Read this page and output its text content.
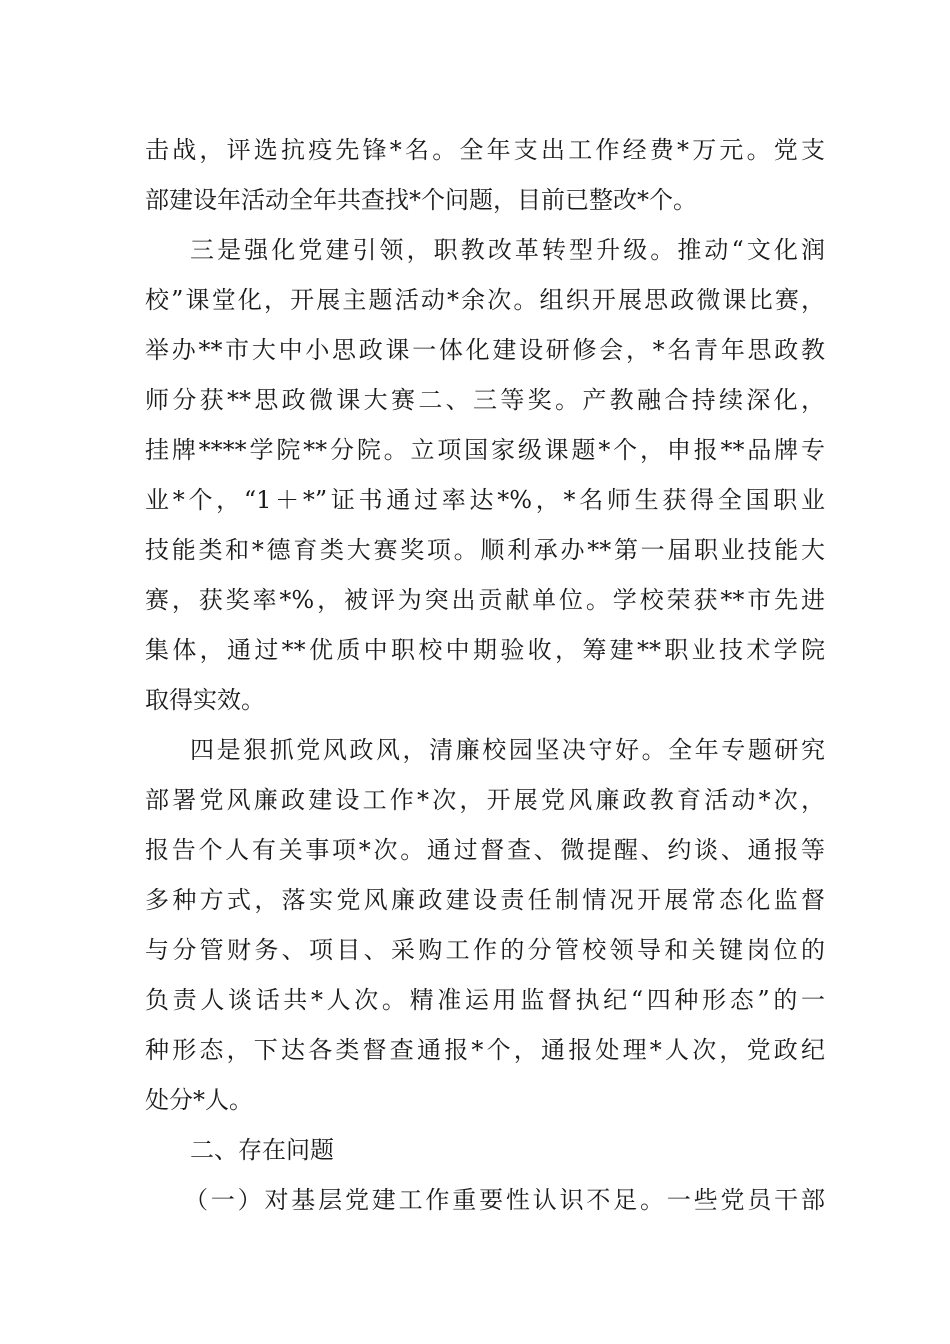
击战，评选抗疫先锋*名。全年支出工作经费*万元。党支
部建设年活动全年共查找*个问题，目前已整改*个。
三是强化党建引领，职教改革转型升级。推动“文化润
校”课堂化，开展主题活动*余次。组织开展思政微课比赛，
举办**市大中小思政课一体化建设研修会，*名青年思政教
师分获**思政微课大赛二、三等奖。产教融合持续深化，
挂牌****学院**分院。立项国家级课题*个，申报**品牌专
业*个，“1＋*”证书通过率达*%，*名师生获得全国职业
技能类和*德育类大赛奖项。顺利承办**第一届职业技能大
赛，获奖率*%，被评为突出贡献单位。学校荣获**市先进
集体，通过**优质中职校中期验收，筹建**职业技术学院
取得实效。
四是狠抓党风政风，清廉校园坚决守好。全年专题研究
部署党风廉政建设工作*次，开展党风廉政教育活动*次，
报告个人有关事项*次。通过督查、微提醒、约谈、通报等
多种方式，落实党风廉政建设责任制情况开展常态化监督
与分管财务、项目、采购工作的分管校领导和关键岗位的
负责人谈话共*人次。精准运用监督执纪“四种形态”的一
种形态，下达各类督查通报*个，通报处理*人次，党政纪
处分*人。
二、存在问题
（一）对基层党建工作重要性认识不足。一些党员干部
